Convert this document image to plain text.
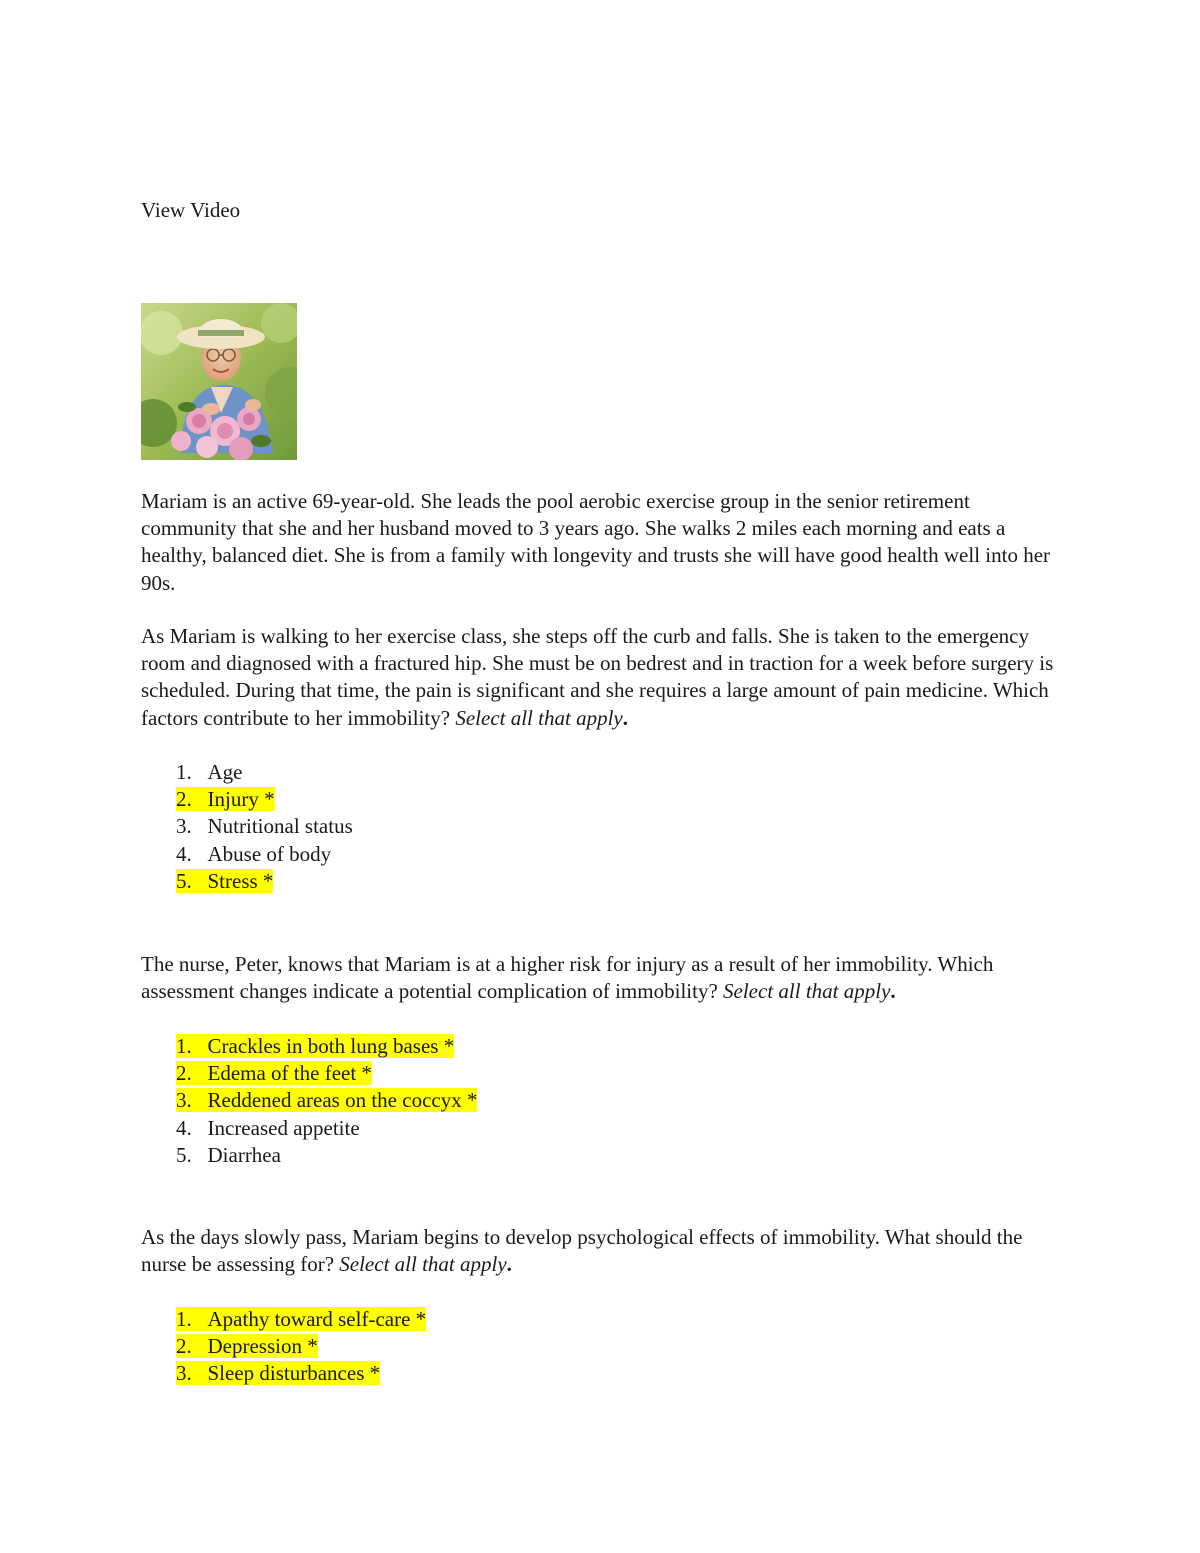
View Video

Mariam is an active 69-year-old. She leads the pool aerobic exercise group in the senior retirement community that she and her husband moved to 3 years ago. She walks 2 miles each morning and eats a healthy, balanced diet. She is from a family with longevity and trusts she will have good health well into her 90s.

As Mariam is walking to her exercise class, she steps off the curb and falls. She is taken to the emergency room and diagnosed with a fractured hip. She must be on bedrest and in traction for a week before surgery is scheduled. During that time, the pain is significant and she requires a large amount of pain medicine. Which factors contribute to her immobility? Select all that apply.

1. Age
2. Injury *
3. Nutritional status
4. Abuse of body
5. Stress *

The nurse, Peter, knows that Mariam is at a higher risk for injury as a result of her immobility. Which assessment changes indicate a potential complication of immobility? Select all that apply.

1. Crackles in both lung bases *
2. Edema of the feet *
3. Reddened areas on the coccyx *
4. Increased appetite
5. Diarrhea

As the days slowly pass, Mariam begins to develop psychological effects of immobility. What should the nurse be assessing for? Select all that apply.

1. Apathy toward self-care *
2. Depression *
3. Sleep disturbances *
